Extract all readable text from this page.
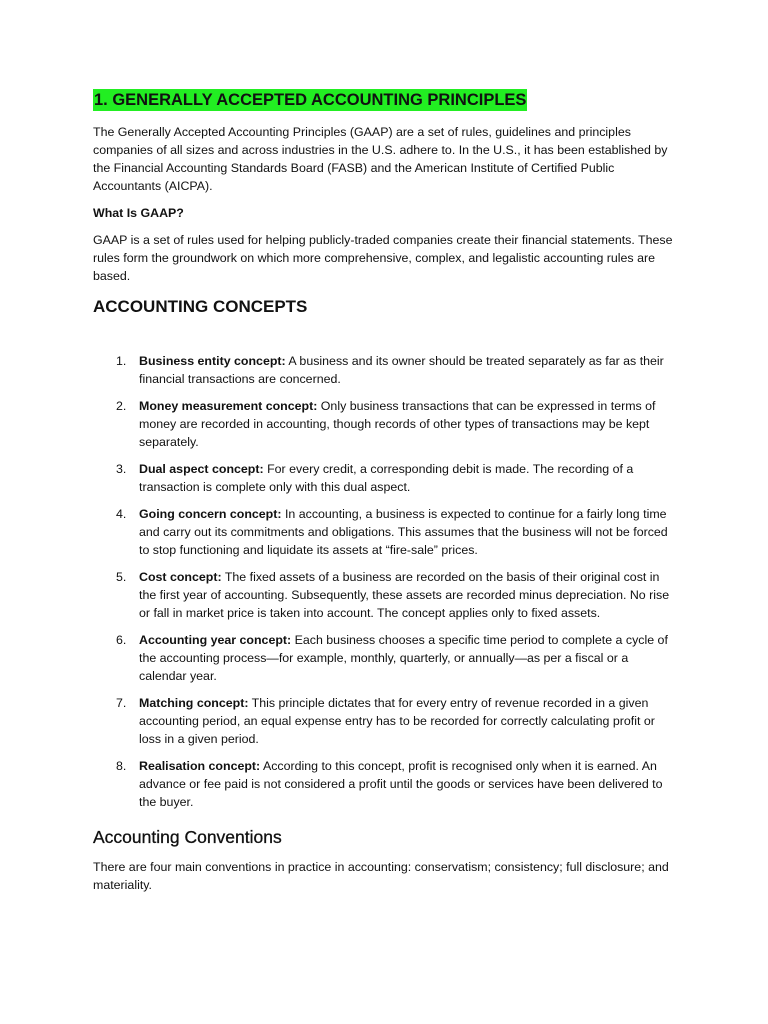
1. GENERALLY ACCEPTED ACCOUNTING PRINCIPLES

The Generally Accepted Accounting Principles (GAAP) are a set of rules, guidelines and principles companies of all sizes and across industries in the U.S. adhere to. In the U.S., it has been established by the Financial Accounting Standards Board (FASB) and the American Institute of Certified Public Accountants (AICPA).

What Is GAAP?

GAAP is a set of rules used for helping publicly-traded companies create their financial statements. These rules form the groundwork on which more comprehensive, complex, and legalistic accounting rules are based.

ACCOUNTING CONCEPTS
1. Business entity concept: A business and its owner should be treated separately as far as their financial transactions are concerned.
2. Money measurement concept: Only business transactions that can be expressed in terms of money are recorded in accounting, though records of other types of transactions may be kept separately.
3. Dual aspect concept: For every credit, a corresponding debit is made. The recording of a transaction is complete only with this dual aspect.
4. Going concern concept: In accounting, a business is expected to continue for a fairly long time and carry out its commitments and obligations. This assumes that the business will not be forced to stop functioning and liquidate its assets at “fire-sale” prices.
5. Cost concept: The fixed assets of a business are recorded on the basis of their original cost in the first year of accounting. Subsequently, these assets are recorded minus depreciation. No rise or fall in market price is taken into account. The concept applies only to fixed assets.
6. Accounting year concept: Each business chooses a specific time period to complete a cycle of the accounting process—for example, monthly, quarterly, or annually—as per a fiscal or a calendar year.
7. Matching concept: This principle dictates that for every entry of revenue recorded in a given accounting period, an equal expense entry has to be recorded for correctly calculating profit or loss in a given period.
8. Realisation concept: According to this concept, profit is recognised only when it is earned. An advance or fee paid is not considered a profit until the goods or services have been delivered to the buyer.
Accounting Conventions

There are four main conventions in practice in accounting: conservatism; consistency; full disclosure; and materiality.
